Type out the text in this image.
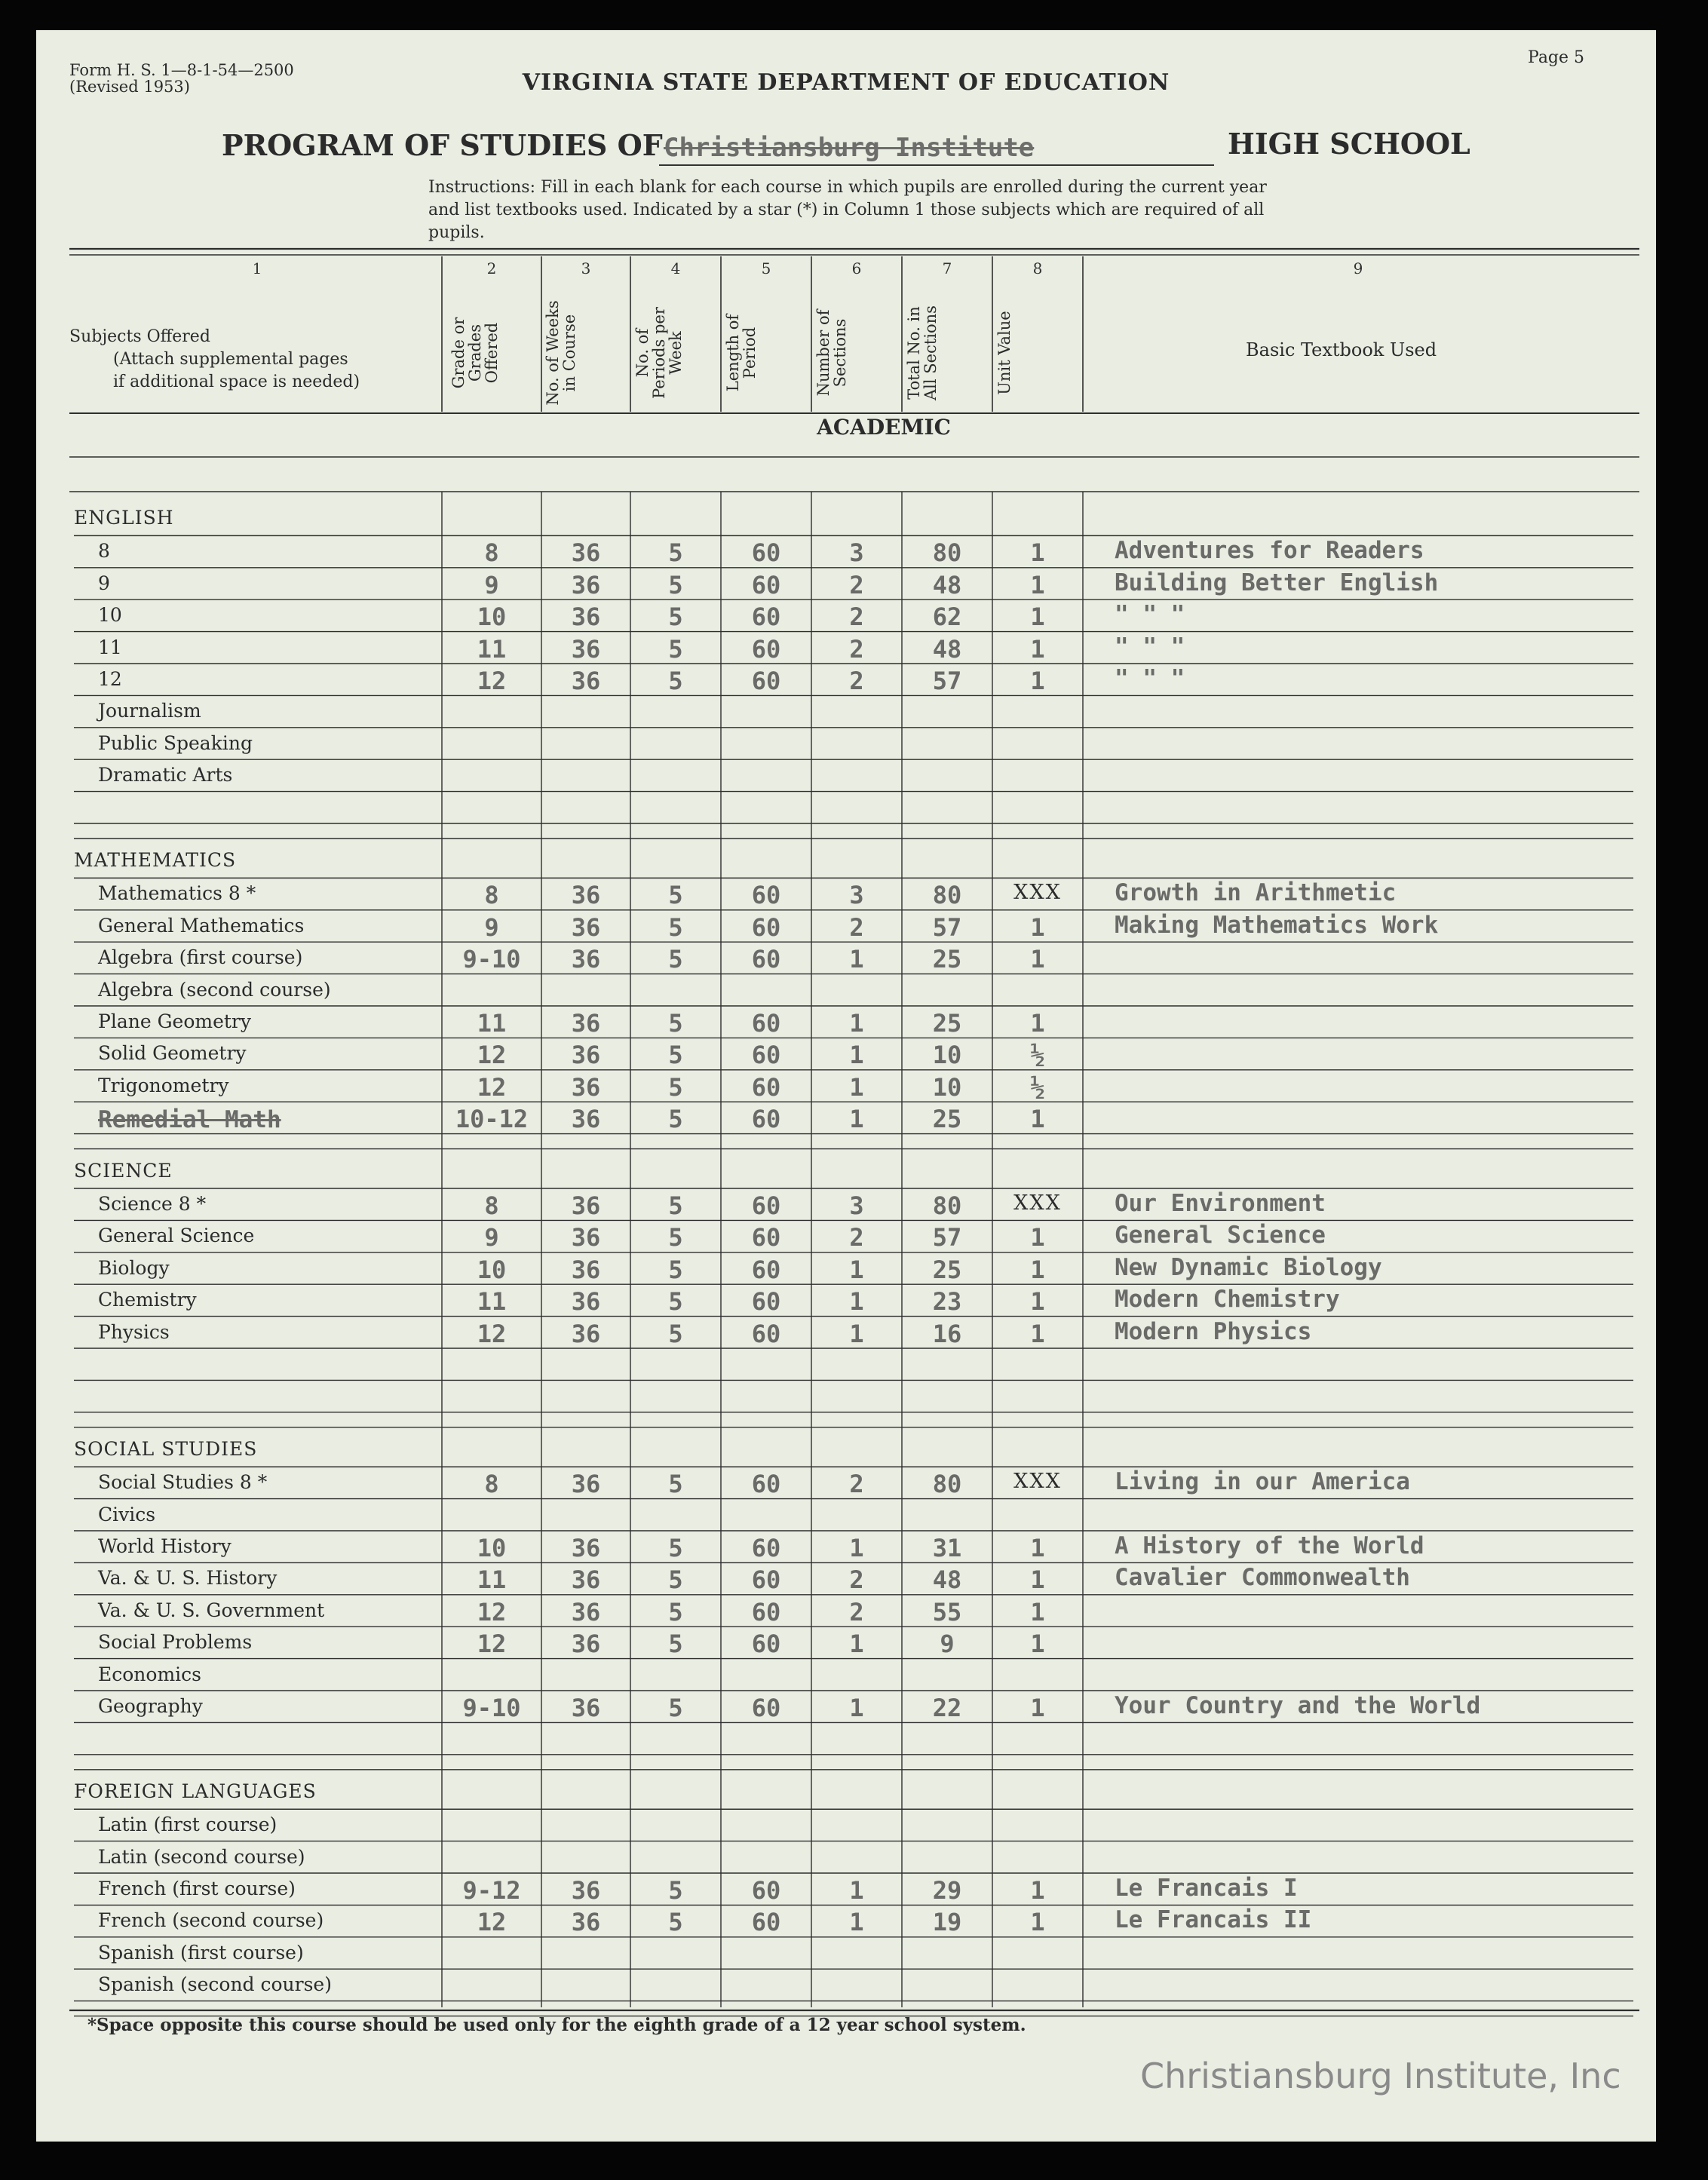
Form H. S. 1—8-1-54—2500
(Revised 1953)
Page 5
VIRGINIA STATE DEPARTMENT OF EDUCATION
PROGRAM OF STUDIES OF Christiansburg Institute	HIGH SCHOOL
Instructions: Fill in each blank for each course in which pupils are enrolled during the current year and list textbooks used. Indicated by a star (*) in Column 1 those subjects which are required of all pupils.
Subjects Offered
(Attach supplemental pages
if additional space is needed)
Basic Textbook Used
ACADEMIC
1	2	3	4	5	6	7	8	9
Grade or Grades Offered	No. of Weeks in Course	No. of Periods per Week	Length of Period	Number of Sections	Total No. in All Sections	Unit Value
ENGLISH
8	8	36	5	60	3	80	1	Adventures for Readers
9	9	36	5	60	2	48	1	Building Better English
10	10	36	5	60	2	62	1	" " "
11	11	36	5	60	2	48	1	" " "
12	12	36	5	60	2	57	1	" " "
Journalism
Public Speaking
Dramatic Arts
MATHEMATICS
Mathematics 8 *	8	36	5	60	3	80	XXX	Growth in Arithmetic
General Mathematics	9	36	5	60	2	57	1	Making Mathematics Work
Algebra (first course)	9-10	36	5	60	1	25	1
Algebra (second course)
Plane Geometry	11	36	5	60	1	25	1
Solid Geometry	12	36	5	60	1	10	½
Trigonometry	12	36	5	60	1	10	½
Remedial Math	10-12	36	5	60	1	25	1
SCIENCE
Science 8 *	8	36	5	60	3	80	XXX	Our Environment
General Science	9	36	5	60	2	57	1	General Science
Biology	10	36	5	60	1	25	1	New Dynamic Biology
Chemistry	11	36	5	60	1	23	1	Modern Chemistry
Physics	12	36	5	60	1	16	1	Modern Physics
SOCIAL STUDIES
Social Studies 8 *	8	36	5	60	2	80	XXX	Living in our America
Civics
World History	10	36	5	60	1	31	1	A History of the World
Va. & U. S. History	11	36	5	60	2	48	1	Cavalier Commonwealth
Va. & U. S. Government	12	36	5	60	2	55	1
Social Problems	12	36	5	60	1	9	1
Economics
Geography	9-10	36	5	60	1	22	1	Your Country and the World
FOREIGN LANGUAGES
Latin (first course)
Latin (second course)
French (first course)	9-12	36	5	60	1	29	1	Le Francais I
French (second course)	12	36	5	60	1	19	1	Le Francais II
Spanish (first course)
Spanish (second course)
*Space opposite this course should be used only for the eighth grade of a 12 year school system.
Christiansburg Institute, Inc
